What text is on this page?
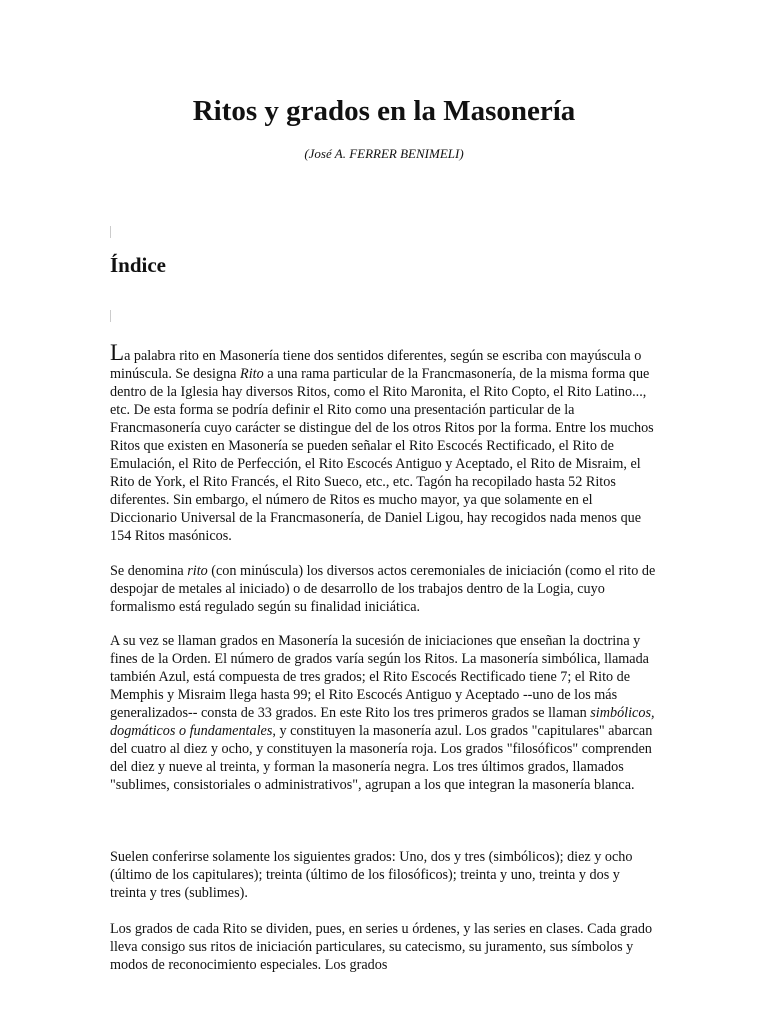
Ritos y grados en la Masonería

(José A. FERRER BENIMELI)

Índice

La palabra rito en Masonería tiene dos sentidos diferentes, según se escriba con mayúscula o minúscula. Se designa Rito a una rama particular de la Francmasonería, de la misma forma que dentro de la Iglesia hay diversos Ritos, como el Rito Maronita, el Rito Copto, el Rito Latino..., etc. De esta forma se podría definir el Rito como una presentación particular de la Francmasonería cuyo carácter se distingue del de los otros Ritos por la forma. Entre los muchos Ritos que existen en Masonería se pueden señalar el Rito Escocés Rectificado, el Rito de Emulación, el Rito de Perfección, el Rito Escocés Antiguo y Aceptado, el Rito de Misraim, el Rito de York, el Rito Francés, el Rito Sueco, etc., etc. Tagón ha recopilado hasta 52 Ritos diferentes. Sin embargo, el número de Ritos es mucho mayor, ya que solamente en el Diccionario Universal de la Francmasonería, de Daniel Ligou, hay recogidos nada menos que 154 Ritos masónicos.

Se denomina rito (con minúscula) los diversos actos ceremoniales de iniciación (como el rito de despojar de metales al iniciado) o de desarrollo de los trabajos dentro de la Logia, cuyo formalismo está regulado según su finalidad iniciática.

A su vez se llaman grados en Masonería la sucesión de iniciaciones que enseñan la doctrina y fines de la Orden. El número de grados varía según los Ritos. La masonería simbólica, llamada también Azul, está compuesta de tres grados; el Rito Escocés Rectificado tiene 7; el Rito de Memphis y Misraim llega hasta 99; el Rito Escocés Antiguo y Aceptado --uno de los más generalizados-- consta de 33 grados. En este Rito los tres primeros grados se llaman simbólicos, dogmáticos o fundamentales, y constituyen la masonería azul. Los grados "capitulares" abarcan del cuatro al diez y ocho, y constituyen la masonería roja. Los grados "filosóficos" comprenden del diez y nueve al treinta, y forman la masonería negra. Los tres últimos grados, llamados "sublimes, consistoriales o administrativos", agrupan a los que integran la masonería blanca.

Suelen conferirse solamente los siguientes grados: Uno, dos y tres (simbólicos); diez y ocho (último de los capitulares); treinta (último de los filosóficos); treinta y uno, treinta y dos y treinta y tres (sublimes).

Los grados de cada Rito se dividen, pues, en series u órdenes, y las series en clases. Cada grado lleva consigo sus ritos de iniciación particulares, su catecismo, su juramento, sus símbolos y modos de reconocimiento especiales. Los grados
